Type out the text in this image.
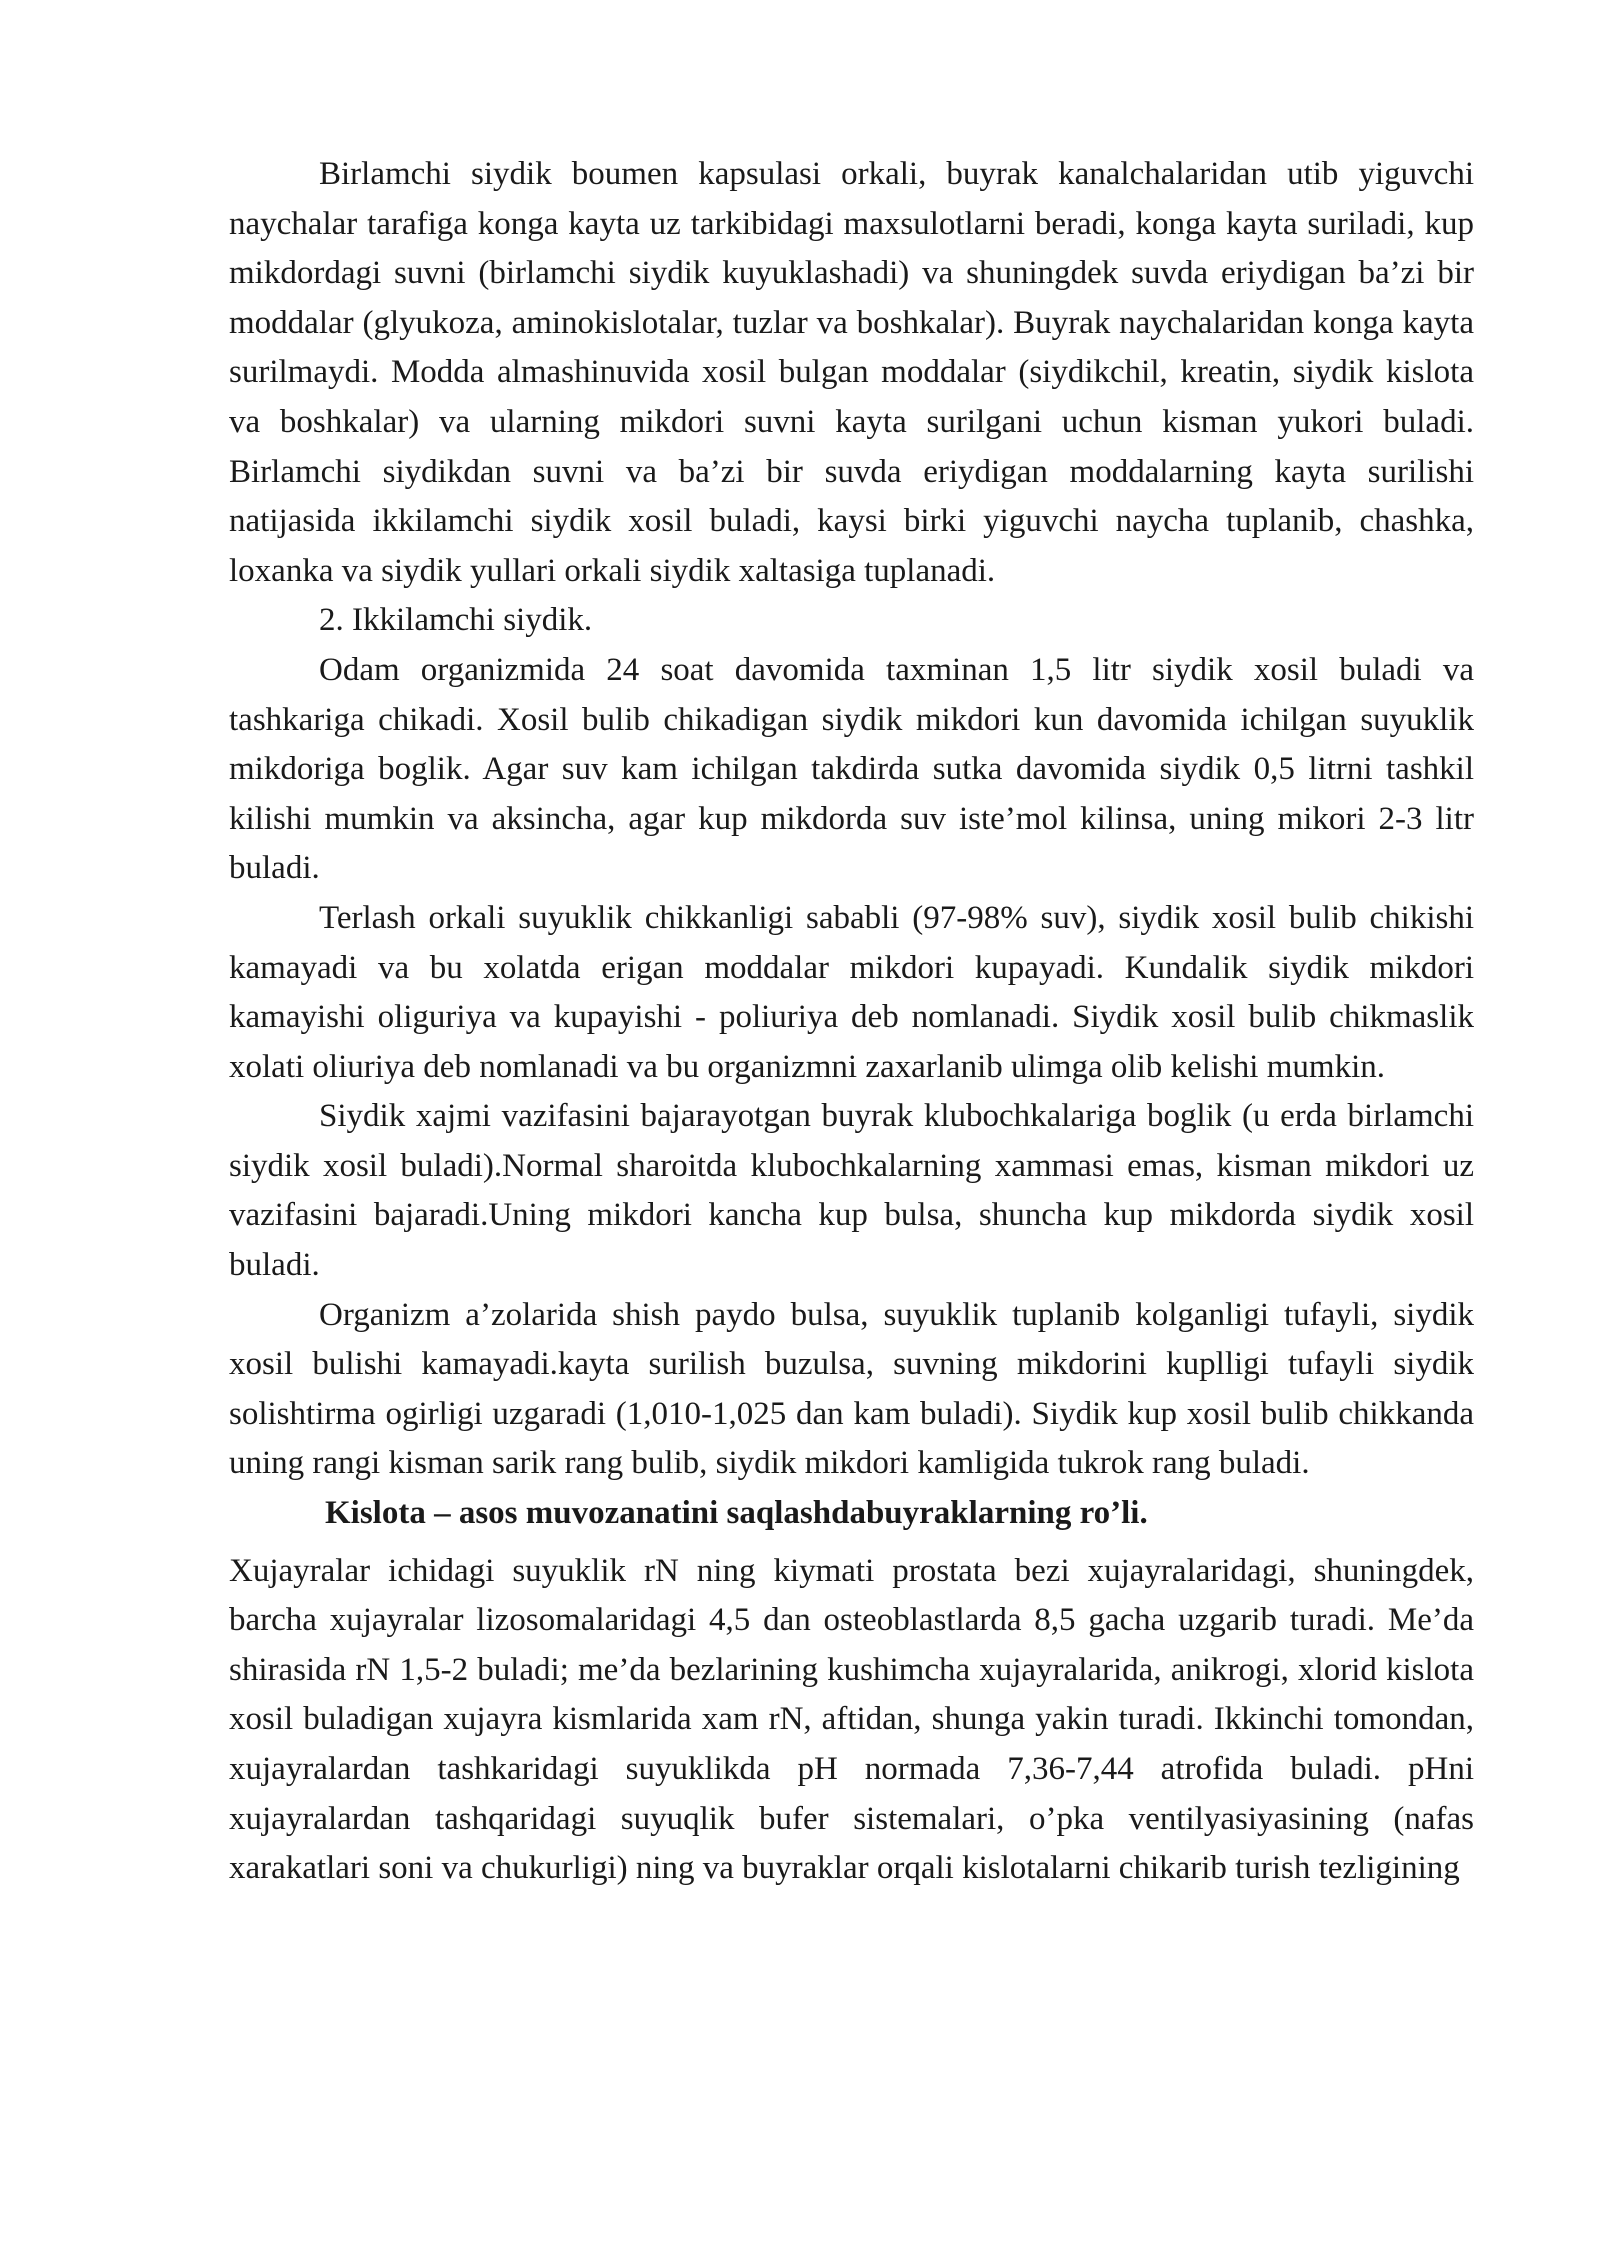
Birlamchi siydik boumen kapsulasi orkali, buyrak kanalchalaridan utib yiguvchi naychalar tarafiga konga kayta uz tarkibidagi maxsulotlarni beradi, konga kayta suriladi, kup mikdordagi suvni (birlamchi siydik kuyuklashadi) va shuningdek suvda eriydigan ba’zi bir moddalar (glyukoza, aminokislotalar, tuzlar va boshkalar). Buyrak naychalaridan konga kayta surilmaydi. Modda almashinuvida xosil bulgan moddalar (siydikchil, kreatin, siydik kislota va boshkalar) va ularning mikdori suvni kayta surilgani uchun kisman yukori buladi. Birlamchi siydikdan suvni va ba’zi bir suvda eriydigan moddalarning kayta surilishi natijasida ikkilamchi siydik xosil buladi, kaysi birki yiguvchi naycha tuplanib, chashka, loxanka va siydik yullari orkali siydik xaltasiga tuplanadi.

2. Ikkilamchi siydik.

Odam organizmida 24 soat davomida taxminan 1,5 litr siydik xosil buladi va tashkariga chikadi. Xosil bulib chikadigan siydik mikdori kun davomida ichilgan suyuklik mikdoriga boglik. Agar suv kam ichilgan takdirda sutka davomida siydik 0,5 litrni tashkil kilishi mumkin va aksincha, agar kup mikdorda suv iste’mol kilinsa, uning mikori 2-3 litr buladi.

Terlash orkali suyuklik chikkanligi sababli (97-98% suv), siydik xosil bulib chikishi kamayadi va bu xolatda erigan moddalar mikdori kupayadi. Kundalik siydik mikdori kamayishi oliguriya va kupayishi - poliuriya deb nomlanadi. Siydik xosil bulib chikmaslik xolati oliuriya deb nomlanadi va bu organizmni zaxarlanib ulimga olib kelishi mumkin.

Siydik xajmi vazifasini bajarayotgan buyrak klubochkalariga boglik (u erda birlamchi siydik xosil buladi).Normal sharoitda klubochkalarning xammasi emas, kisman mikdori uz vazifasini bajaradi.Uning mikdori kancha kup bulsa, shuncha kup mikdorda siydik xosil buladi.

Organizm a’zolarida shish paydo bulsa, suyuklik tuplanib kolganligi tufayli, siydik xosil bulishi kamayadi.kayta surilish buzulsa, suvning mikdorini kuplligi tufayli siydik solishtirma ogirligi uzgaradi (1,010-1,025 dan kam buladi). Siydik kup xosil bulib chikkanda uning rangi kisman sarik rang bulib, siydik mikdori kamligida tukrok rang buladi.

Kislota – asos muvozanatini saqlashdabuyraklarning ro’li.

Xujayralar ichidagi suyuklik rN ning kiymati prostata bezi xujayralaridagi, shuningdek, barcha xujayralar lizosomalaridagi 4,5 dan osteoblastlarda 8,5 gacha uzgarib turadi. Me’da shirasida rN 1,5-2 buladi; me’da bezlarining kushimcha xujayralarida, anikrogi, xlorid kislota xosil buladigan xujayra kismlarida xam rN, aftidan, shunga yakin turadi. Ikkinchi tomondan, xujayralardan tashkaridagi suyuklikda pH normada 7,36-7,44 atrofida buladi. pHni xujayralardan tashqaridagi suyuqlik bufer sistemalari, o’pka ventilyasiyasining (nafas xarakatlari soni va chukurligi) ning va buyraklar orqali kislotalarni chikarib turish tezligining
